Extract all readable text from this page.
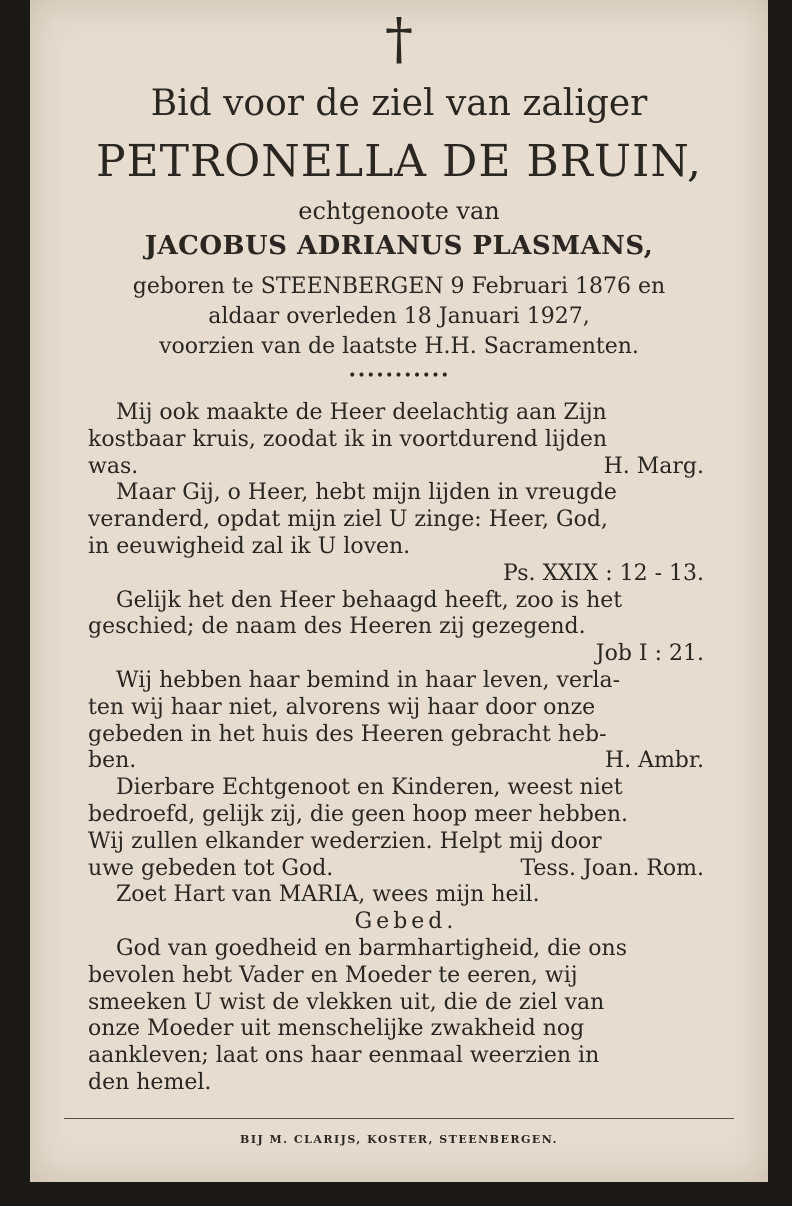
†
Bid voor de ziel van zaliger
PETRONELLA DE BRUIN,
echtgenoote van
JACOBUS ADRIANUS PLASMANS,
geboren te STEENBERGEN 9 Februari 1876 en
aldaar overleden 18 Januari 1927,
voorzien van de laatste H.H. Sacramenten.
•••••••••••
Mij ook maakte de Heer deelachtig aan Zijn
kostbaar kruis, zoodat ik in voortdurend lijden
was.	H. Marg.
Maar Gij, o Heer, hebt mijn lijden in vreugde
veranderd, opdat mijn ziel U zinge: Heer, God,
in eeuwigheid zal ik U loven.
Ps. XXIX : 12 - 13.
Gelijk het den Heer behaagd heeft, zoo is het
geschied; de naam des Heeren zij gezegend.
Job I : 21.
Wij hebben haar bemind in haar leven, verla-
ten wij haar niet, alvorens wij haar door onze
gebeden in het huis des Heeren gebracht heb-
ben.	H. Ambr.
Dierbare Echtgenoot en Kinderen, weest niet
bedroefd, gelijk zij, die geen hoop meer hebben.
Wij zullen elkander wederzien. Helpt mij door
uwe gebeden tot God.	Tess. Joan. Rom.
Zoet Hart van MARIA, wees mijn heil.
Gebed.
God van goedheid en barmhartigheid, die ons
bevolen hebt Vader en Moeder te eeren, wij
smeeken U wist de vlekken uit, die de ziel van
onze Moeder uit menschelijke zwakheid nog
aankleven; laat ons haar eenmaal weerzien in
den hemel.
BIJ M. CLARIJS, KOSTER, STEENBERGEN.
